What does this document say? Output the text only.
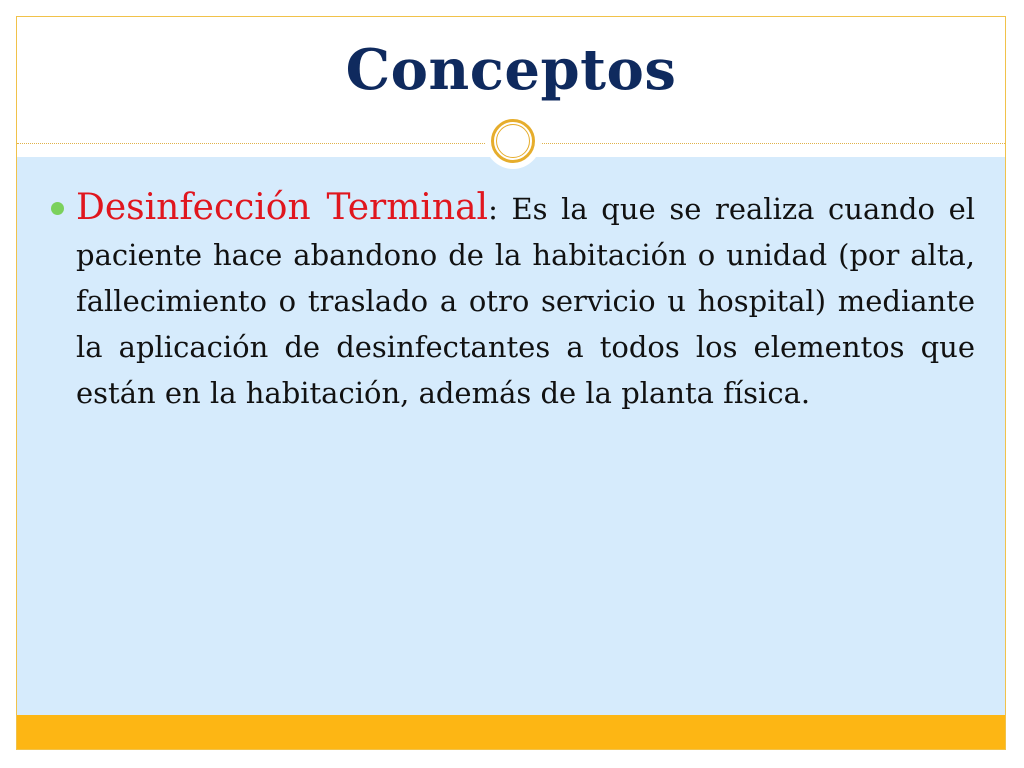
Conceptos

Desinfección Terminal: Es la que se realiza cuando el paciente hace abandono de la habitación o unidad (por alta, fallecimiento o traslado a otro servicio u hospital) mediante la aplicación de desinfectantes a todos los elementos que están en la habitación, además de la planta física.
